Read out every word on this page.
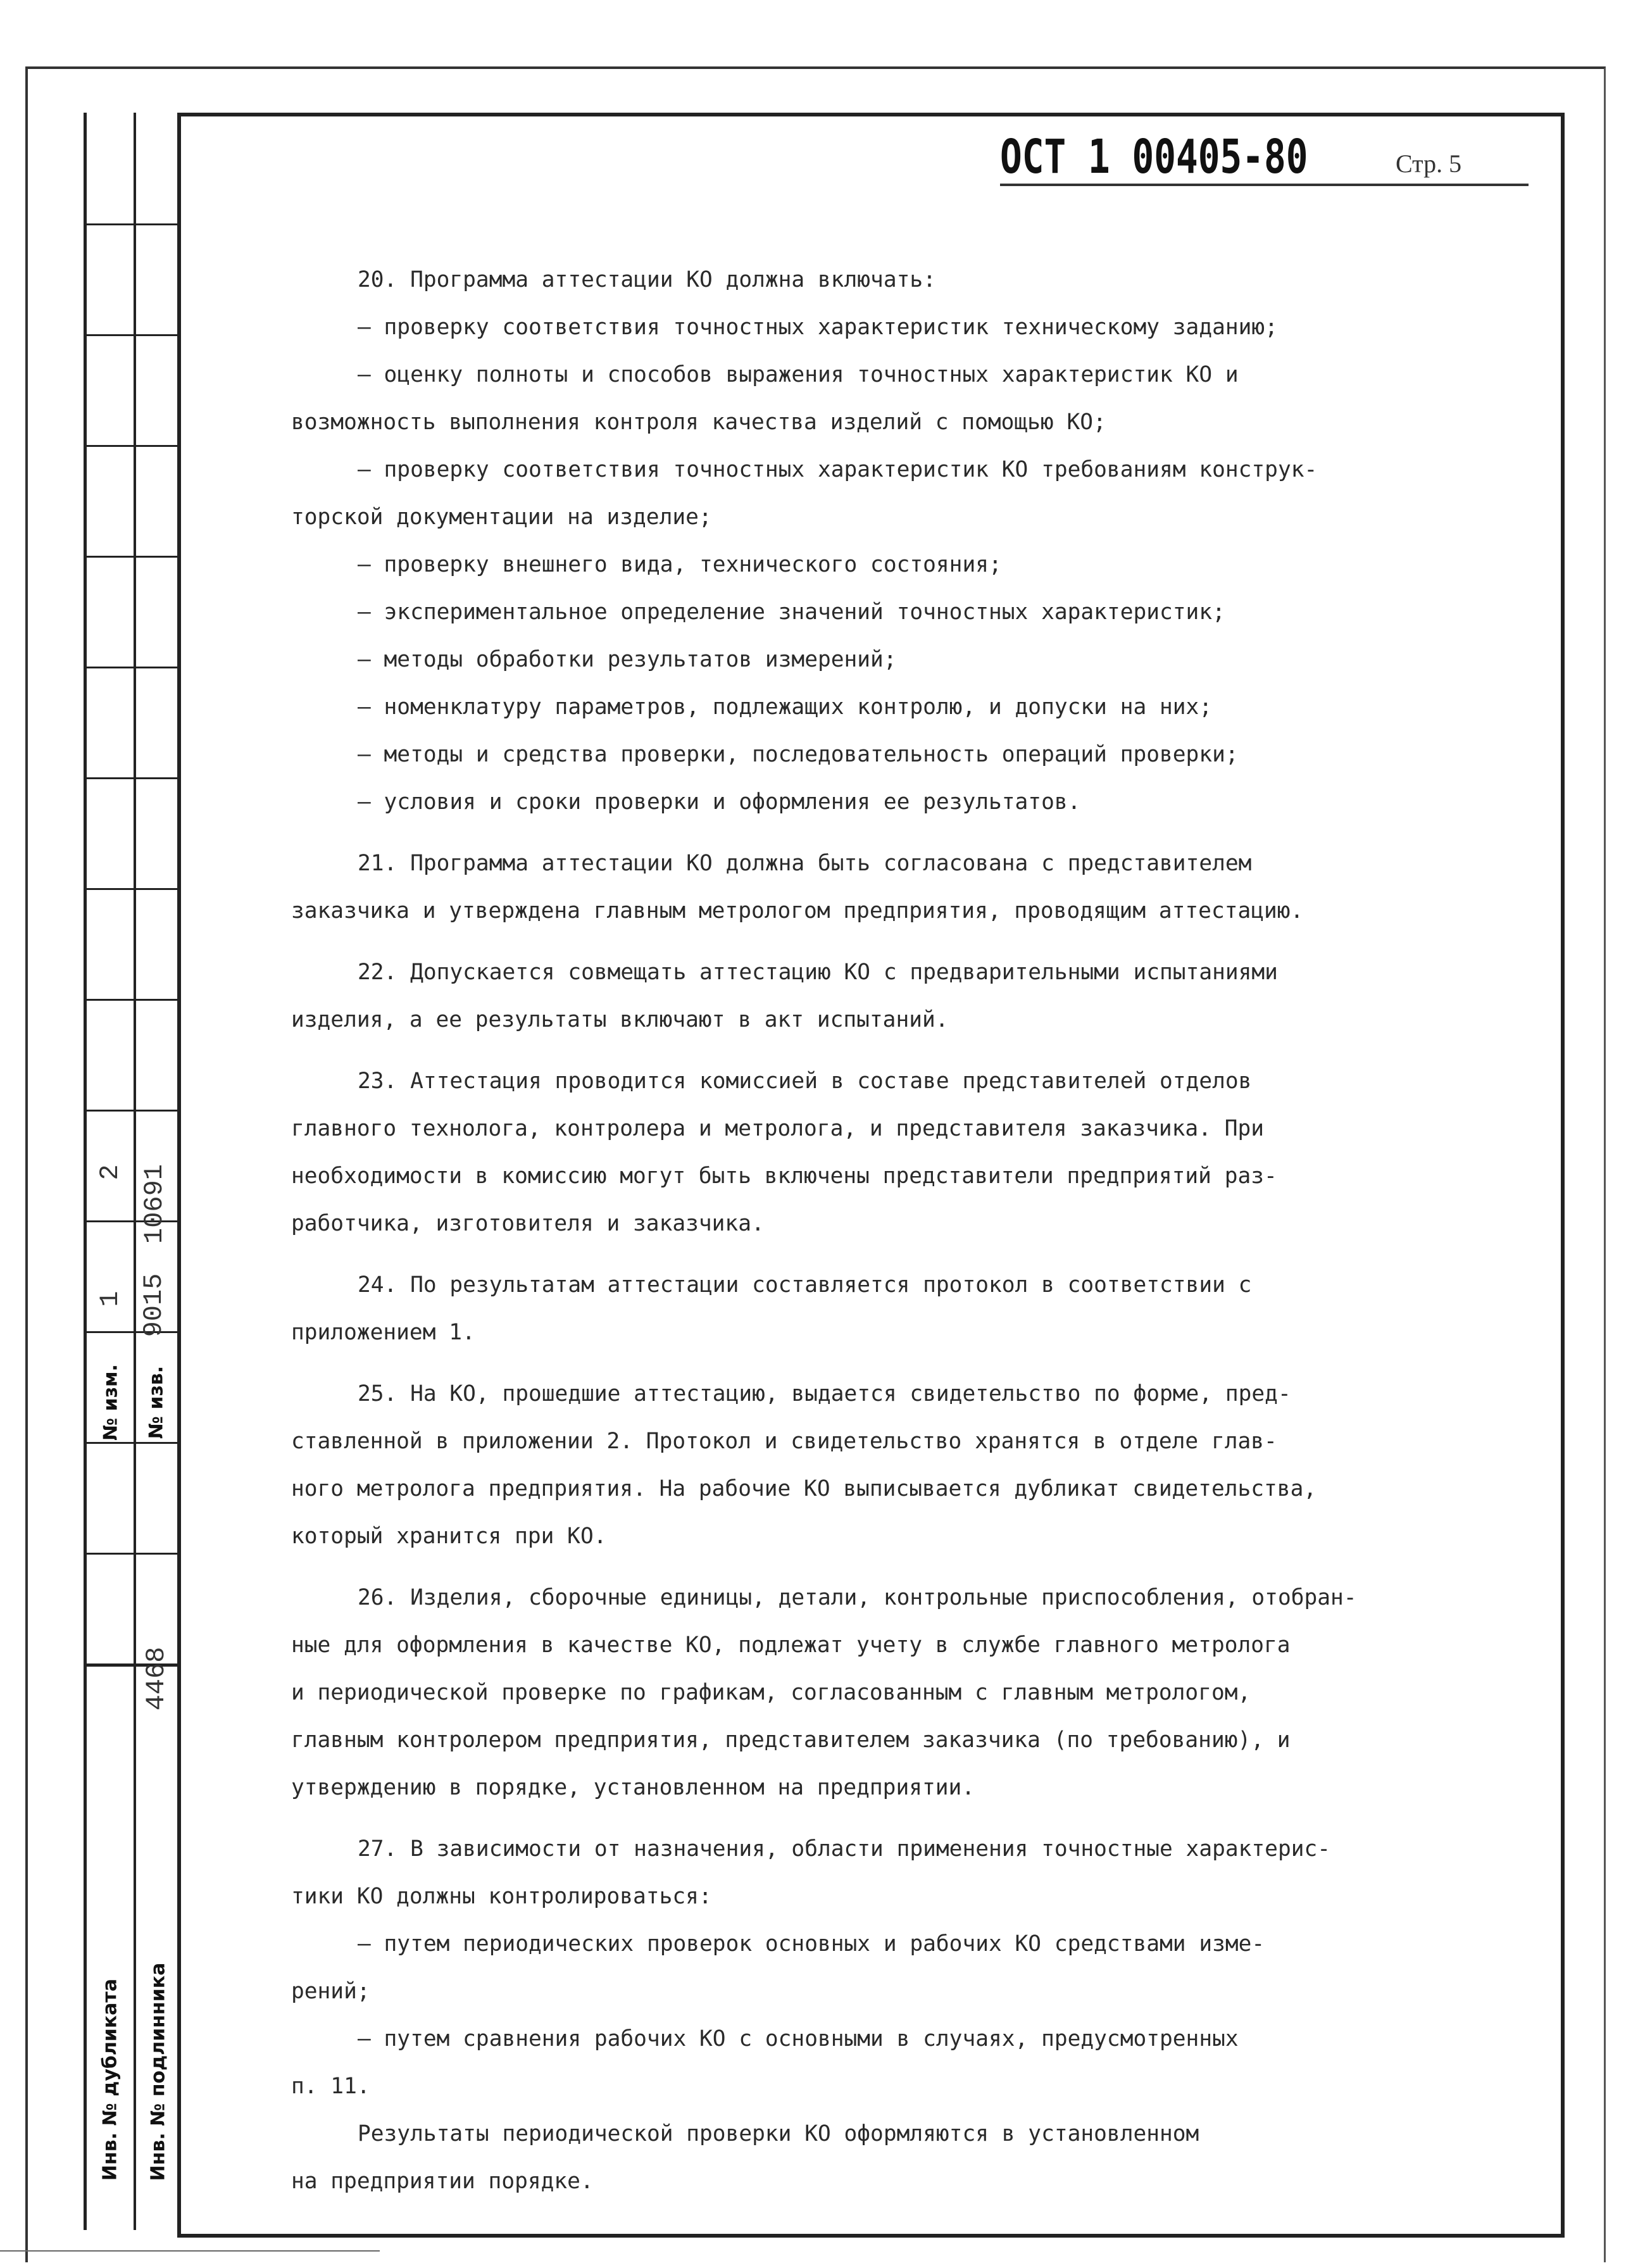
2 10691
1 9015
№ изм. № изв.
4468
Инв. № дубликата Инв. № подлинника
ОСТ 1 00405-80	Стр. 5
20. Программа аттестации КО должна включать:
– проверку соответствия точностных характеристик техническому заданию;
– оценку полноты и способов выражения точностных характеристик КО и
возможность выполнения контроля качества изделий с помощью КО;
– проверку соответствия точностных характеристик КО требованиям конструк-
торской документации на изделие;
– проверку внешнего вида, технического состояния;
– экспериментальное определение значений точностных характеристик;
– методы обработки результатов измерений;
– номенклатуру параметров, подлежащих контролю, и допуски на них;
– методы и средства проверки, последовательность операций проверки;
– условия и сроки проверки и оформления ее результатов.
21. Программа аттестации КО должна быть согласована с представителем
заказчика и утверждена главным метрологом предприятия, проводящим аттестацию.
22. Допускается совмещать аттестацию КО с предварительными испытаниями
изделия, а ее результаты включают в акт испытаний.
23. Аттестация проводится комиссией в составе представителей отделов
главного технолога, контролера и метролога, и представителя заказчика. При
необходимости в комиссию могут быть включены представители предприятий раз-
работчика, изготовителя и заказчика.
24. По результатам аттестации составляется протокол в соответствии с
приложением 1.
25. На КО, прошедшие аттестацию, выдается свидетельство по форме, пред-
ставленной в приложении 2. Протокол и свидетельство хранятся в отделе глав-
ного метролога предприятия. На рабочие КО выписывается дубликат свидетельства,
который хранится при КО.
26. Изделия, сборочные единицы, детали, контрольные приспособления, отобран-
ные для оформления в качестве КО, подлежат учету в службе главного метролога
и периодической проверке по графикам, согласованным с главным метрологом,
главным контролером предприятия, представителем заказчика (по требованию), и
утверждению в порядке, установленном на предприятии.
27. В зависимости от назначения, области применения точностные характерис-
тики КО должны контролироваться:
– путем периодических проверок основных и рабочих КО средствами изме-
рений;
– путем сравнения рабочих КО с основными в случаях, предусмотренных
п. 11.
Результаты периодической проверки КО оформляются в установленном
на предприятии порядке.
